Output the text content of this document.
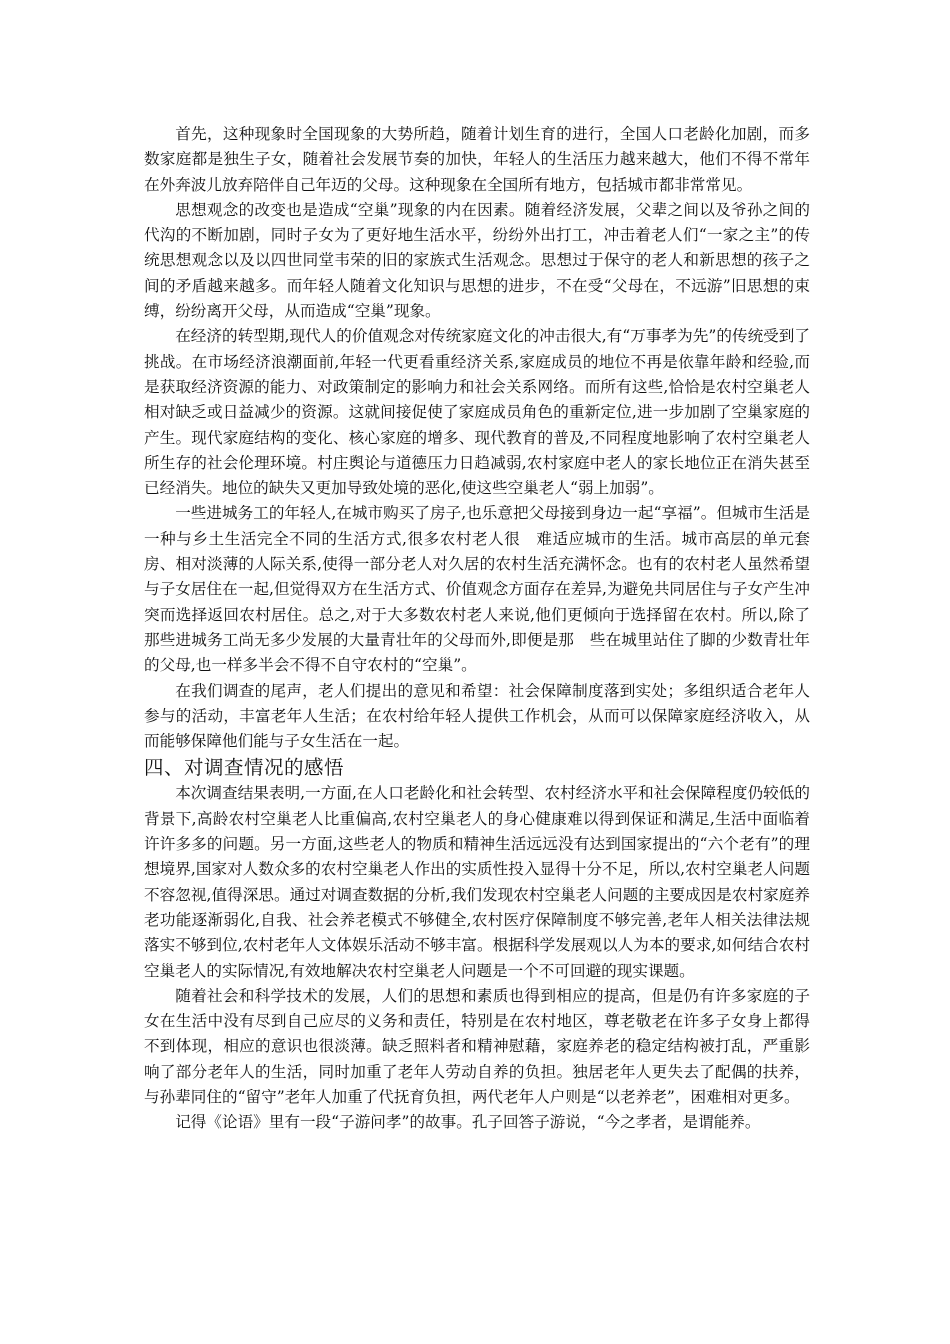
首先，这种现象时全国现象的大势所趋，随着计划生育的进行，全国人口老龄化加剧，而多数家庭都是独生子女，随着社会发展节奏的加快，年轻人的生活压力越来越大，他们不得不常年在外奔波儿放弃陪伴自己年迈的父母。这种现象在全国所有地方，包括城市都非常常见。

思想观念的改变也是造成“空巢”现象的内在因素。随着经济发展，父辈之间以及爷孙之间的代沟的不断加剧，同时子女为了更好地生活水平，纷纷外出打工，冲击着老人们“一家之主”的传统思想观念以及以四世同堂韦荣的旧的家族式生活观念。思想过于保守的老人和新思想的孩子之间的矛盾越来越多。而年轻人随着文化知识与思想的进步，不在受“父母在，不远游”旧思想的束缚，纷纷离开父母，从而造成“空巢”现象。

在经济的转型期,现代人的价值观念对传统家庭文化的冲击很大,有“万事孝为先”的传统受到了挑战。在市场经济浪潮面前,年轻一代更看重经济关系,家庭成员的地位不再是依靠年龄和经验,而是获取经济资源的能力、对政策制定的影响力和社会关系网络。而所有这些,恰恰是农村空巢老人相对缺乏或日益减少的资源。这就间接促使了家庭成员角色的重新定位,进一步加剧了空巢家庭的产生。现代家庭结构的变化、核心家庭的增多、现代教育的普及,不同程度地影响了农村空巢老人所生存的社会伦理环境。村庄舆论与道德压力日趋减弱,农村家庭中老人的家长地位正在消失甚至已经消失。地位的缺失又更加导致处境的恶化,使这些空巢老人“弱上加弱”。

一些进城务工的年轻人,在城市购买了房子,也乐意把父母接到身边一起“享福”。但城市生活是一种与乡土生活完全不同的生活方式,很多农村老人很　难适应城市的生活。城市高层的单元套房、相对淡薄的人际关系,使得一部分老人对久居的农村生活充满怀念。也有的农村老人虽然希望与子女居住在一起,但觉得双方在生活方式、价值观念方面存在差异,为避免共同居住与子女产生冲突而选择返回农村居住。总之,对于大多数农村老人来说,他们更倾向于选择留在农村。所以,除了那些进城务工尚无多少发展的大量青壮年的父母而外,即便是那　些在城里站住了脚的少数青壮年的父母,也一样多半会不得不自守农村的“空巢”。

在我们调查的尾声，老人们提出的意见和希望：社会保障制度落到实处；多组织适合老年人参与的活动，丰富老年人生活；在农村给年轻人提供工作机会，从而可以保障家庭经济收入，从而能够保障他们能与子女生活在一起。

四、对调查情况的感悟

本次调查结果表明,一方面,在人口老龄化和社会转型、农村经济水平和社会保障程度仍较低的背景下,高龄农村空巢老人比重偏高,农村空巢老人的身心健康难以得到保证和满足,生活中面临着许许多多的问题。另一方面,这些老人的物质和精神生活远远没有达到国家提出的“六个老有”的理想境界,国家对人数众多的农村空巢老人作出的实质性投入显得十分不足，所以,农村空巢老人问题不容忽视,值得深思。通过对调查数据的分析,我们发现农村空巢老人问题的主要成因是农村家庭养老功能逐渐弱化,自我、社会养老模式不够健全,农村医疗保障制度不够完善,老年人相关法律法规落实不够到位,农村老年人文体娱乐活动不够丰富。根据科学发展观以人为本的要求,如何结合农村空巢老人的实际情况,有效地解决农村空巢老人问题是一个不可回避的现实课题。

随着社会和科学技术的发展，人们的思想和素质也得到相应的提高，但是仍有许多家庭的子女在生活中没有尽到自己应尽的义务和责任，特别是在农村地区，尊老敬老在许多子女身上都得不到体现，相应的意识也很淡薄。缺乏照料者和精神慰藉，家庭养老的稳定结构被打乱，严重影响了部分老年人的生活，同时加重了老年人劳动自养的负担。独居老年人更失去了配偶的扶养，与孙辈同住的“留守”老年人加重了代抚育负担，两代老年人户则是“以老养老”，困难相对更多。

记得《论语》里有一段“子游问孝”的故事。孔子回答子游说，“今之孝者，是谓能养。
